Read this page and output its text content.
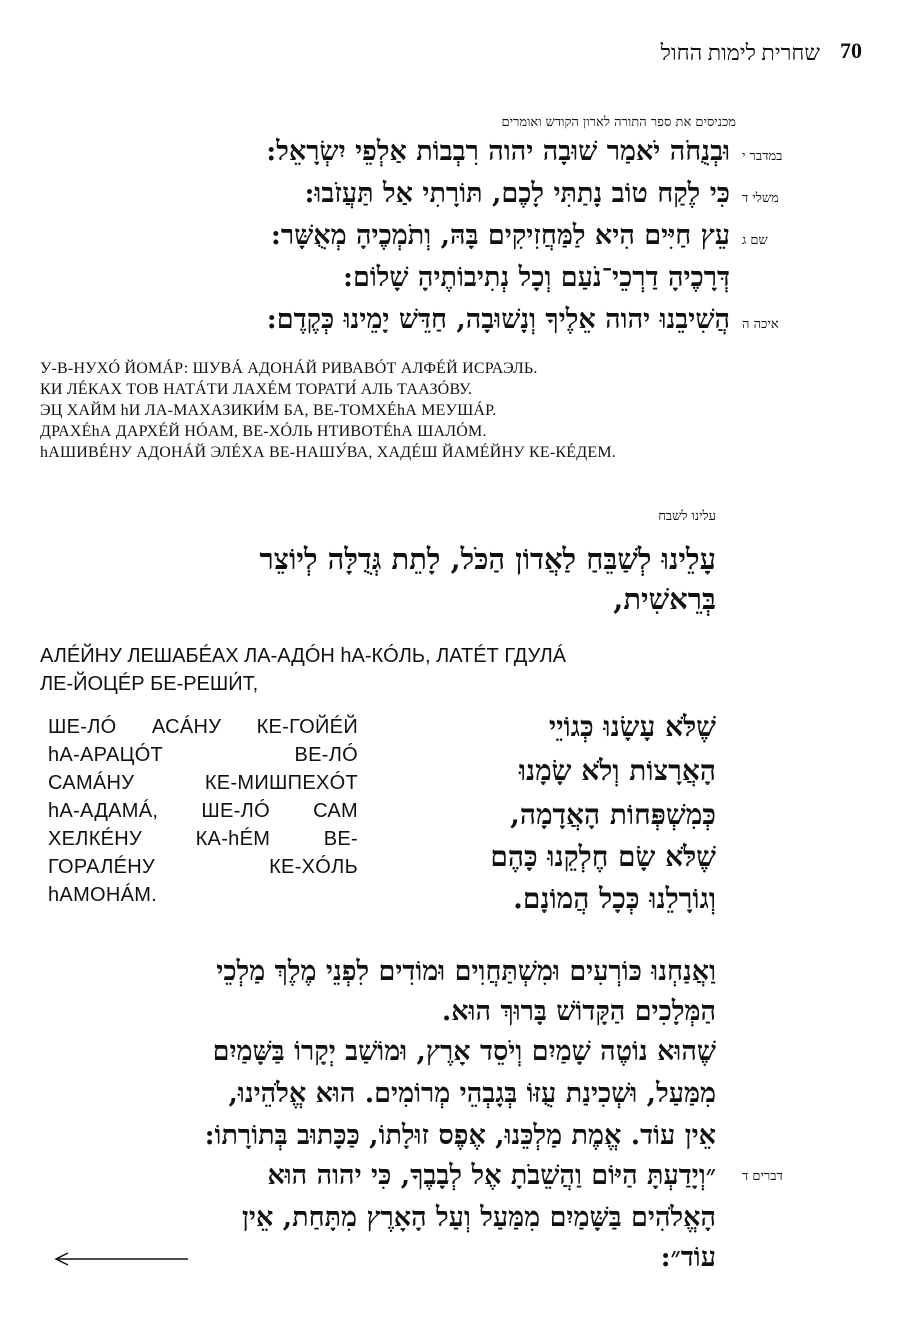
70
שחרית לימות החול
מכניסים את ספר התורה לארון הקודש ואומרים
במדבר י
וּבְנֻחֹה יֹאמַר שׁוּבָה יהוה רִבְבוֹת אַלְפֵי יִשְׂרָאֵל:
משלי ד
כִּי לֶקַח טוֹב נָתַתִּי לָכֶם, תּוֹרָתִי אַל תַּעֲזֹבוּ:
שם ג
עֵץ חַיִּים הִיא לַמַּחֲזִיקִים בָּהּ, וְתֹמְכֶיהָ מְאֻשָּׁר:
דְּרָכֶיהָ דַרְכֵי־נֹעַם וְכָל נְתִיבוֹתֶיהָ שָׁלוֹם:
איכה ה
הֲשִׁיבֵנוּ יהוה אֵלֶיךָ וְנָשׁוּבָה, חַדֵּשׁ יָמֵינוּ כְּקֶדֶם:
У-В-НУХÓ ЙОМÁР: ШУВÁ АДОНÁЙ РИВАВÓТ АЛФÉЙ ИСРАЭЛЬ.
КИ ЛÉКАХ ТОВ НАТÁТИ ЛАХÉМ ТОРАТИ́ АЛЬ ТААЗÓВУ.
ЭЦ ХАЙМ hИ ЛА-МАХАЗИКИ́М БА, ВЕ-ТОМХÉhА МЕУШÁР.
ДРАХÉhА ДАРХÉЙ НÓАМ, ВЕ-ХÓЛЬ НТИВОТÉhА ШАЛÓМ.
hАШИВÉНУ АДОНÁЙ ЭЛÉХА ВЕ-НАШУ́ВА, ХАДÉШ ЙАМÉЙНУ КЕ-КÉДЕМ.
עלינו לשבח
עָלֵינוּ לְשַׁבֵּחַ לַאֲדוֹן הַכֹּל, לָתֵת גְּדֻלָּה לְיוֹצֵר
בְּרֵאשִׁית,
АЛÉЙНУ ЛЕШАБÉАХ ЛА-АДÓН hА-КÓЛЬ, ЛАТÉТ ГДУЛÁ
ЛЕ-ЙОЦÉР БЕ-РЕШИ́Т,
ШЕ-ЛÓ АСÁНУ КЕ-ГОЙÉЙ
hА-АРАЦÓТ ВЕ-ЛÓ
САМÁНУ КЕ-МИШПЕХÓТ
hА-АДАМÁ, ШЕ-ЛÓ САМ
ХЕЛКÉНУ КА-hÉМ ВЕ-
ГОРАЛÉНУ КЕ-ХÓЛЬ
hАМОНÁМ.
שֶׁלֹּא עָשָׂנוּ כְּגוֹיֵי
הָאֲרָצוֹת וְלֹא שָׂמָנוּ
כְּמִשְׁפְּחוֹת הָאֲדָמָה,
שֶׁלֹּא שָׂם חֶלְקֵנוּ כָּהֶם
וְגוֹרָלֵנוּ כְּכָל הֲמוֹנָם.
וַאֲנַחְנוּ כּוֹרְעִים וּמִשְׁתַּחֲוִים וּמוֹדִים לִפְנֵי מֶלֶךְ מַלְכֵי
הַמְּלָכִים הַקָּדוֹשׁ בָּרוּךְ הוּא.
שֶׁהוּא נוֹטֶה שָׁמַיִם וְיֹסֵד אָרֶץ, וּמוֹשַׁב יְקָרוֹ בַּשָּׁמַיִם
מִמַּעַל, וּשְׁכִינַת עֻזּוֹ בְּגָבְהֵי מְרוֹמִים. הוּא אֱלֹהֵינוּ,
אֵין עוֹד. אֱמֶת מַלְכֵּנוּ, אֶפֶס זוּלָתוֹ, כַּכָּתוּב בְּתוֹרָתוֹ:
דברים ד
״וְיָדַעְתָּ הַיּוֹם וַהֲשֵׁבֹתָ אֶל לְבָבֶךָ, כִּי יהוה הוּא
הָאֱלֹהִים בַּשָּׁמַיִם מִמַּעַל וְעַל הָאָרֶץ מִתָּחַת, אֵין
עוֹד״:
